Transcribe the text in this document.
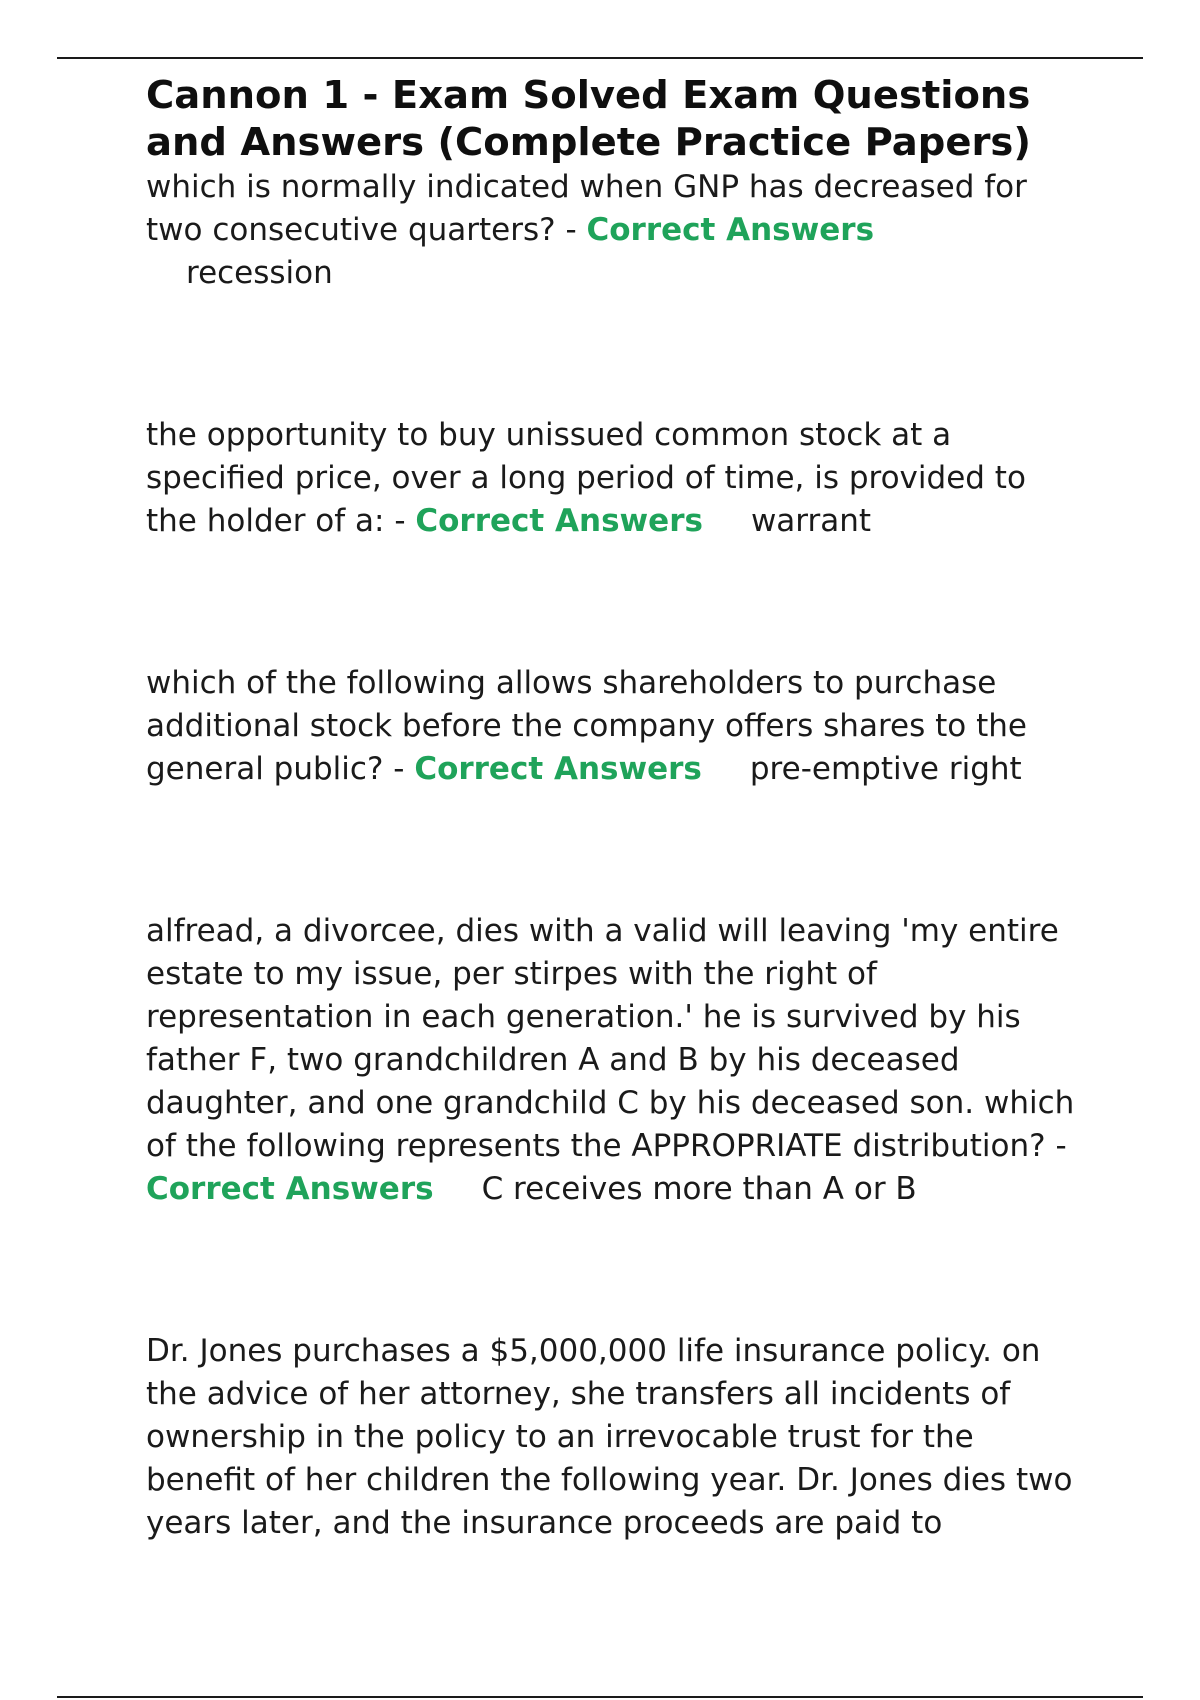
Cannon 1 - Exam Solved Exam Questions and Answers (Complete Practice Papers)

which is normally indicated when GNP has decreased for two consecutive quarters? - Correct Answers
recession

the opportunity to buy unissued common stock at a specified price, over a long period of time, is provided to the holder of a: - Correct Answers warrant

which of the following allows shareholders to purchase additional stock before the company offers shares to the general public? - Correct Answers pre-emptive right

alfread, a divorcee, dies with a valid will leaving 'my entire estate to my issue, per stirpes with the right of representation in each generation.' he is survived by his father F, two grandchildren A and B by his deceased daughter, and one grandchild C by his deceased son. which of the following represents the APPROPRIATE distribution? - Correct Answers C receives more than A or B

Dr. Jones purchases a $5,000,000 life insurance policy. on the advice of her attorney, she transfers all incidents of ownership in the policy to an irrevocable trust for the benefit of her children the following year. Dr. Jones dies two years later, and the insurance proceeds are paid to
